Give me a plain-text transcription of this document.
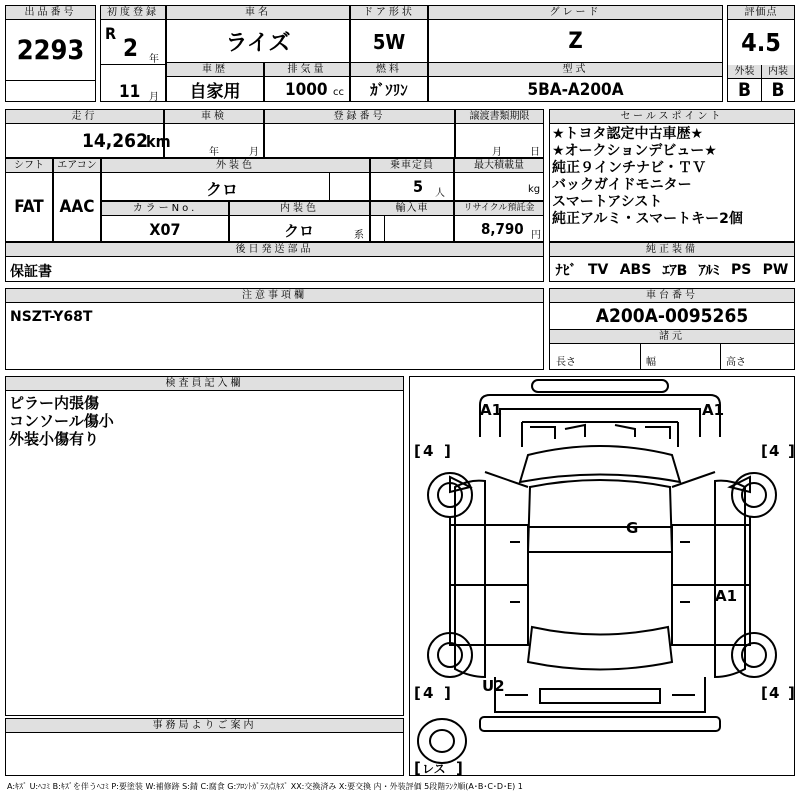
出品番号
2293
初度登録
R
2 年
11 月
車名
ライズ
ドア形状
5W
グレード
Z
評価点
4.5
外装	内装
B	B
車歴
自家用
排気量
1000 cc
燃料
ｶﾞｿﾘﾝ
型式
5BA-A200A
走行
14,262
km
車検
年	月
登録番号	譲渡書類期限
月	日
シフト
FAT
エアコン
AAC
外装色
クロ
乗車定員
5 人
最大積載量
kg
カラーNo.
X07
内装色
クロ	系
輸入車	リサイクル預託金
8,790 円
後日発送部品
保証書
セールスポイント
★トヨタ認定中古車歴★
★オークションデビュー★
純正９インチナビ・ＴＶ
バックガイドモニター
スマートアシスト
純正アルミ・スマートキー2個
純正装備
ﾅﾋﾞ TV ABS ｴｱB ｱﾙﾐ PS PW
注意事項欄
NSZT-Y68T
車台番号
A200A-0095265
諸元
長さ	幅	高さ
検査員記入欄
ピラー内張傷
コンソール傷小
外装小傷有り
事務局よりご案内
[ ]	[ ]
[ ]	[ ]
[ ]
4	4
4	4
レス
A1	A1
G
A1
U2
A:ｷｽﾞ U:ﾍｺﾐ B:ｷｽﾞを伴うﾍｺﾐ P:要塗装 W:補修跡 S:錆 C:腐食 G:ﾌﾛﾝﾄｶﾞﾗｽ点ｷｽﾞ XX:交換済み X:要交換 内・外装評価 5段階ﾗﾝｸ順(A･B･C･D･E) 1
